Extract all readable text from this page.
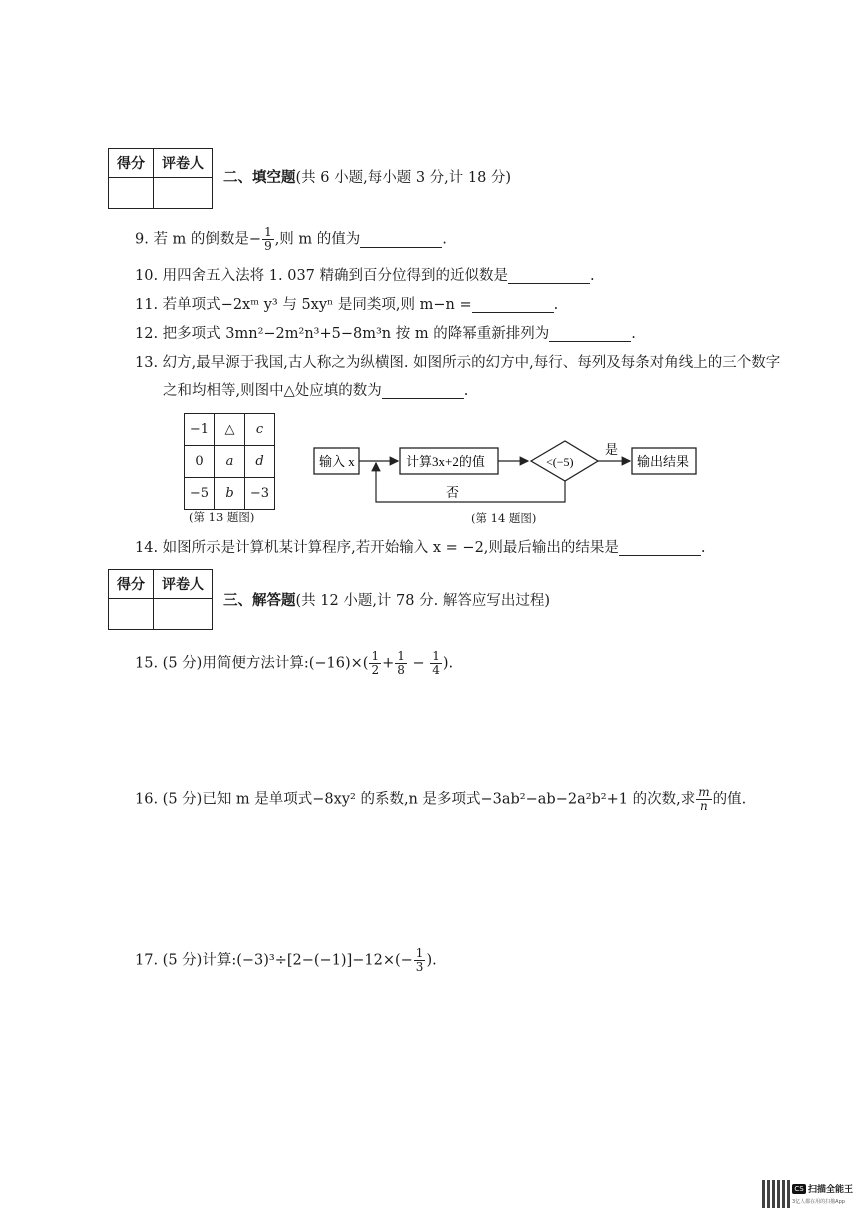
得分	评卷人

二、填空题(共 6 小题,每小题 3 分,计 18 分)
9. 若 m 的倒数是− $\frac{1}{9}$ ,则 m 的值为	.
10. 用四舍五入法将 1. 037 精确到百分位得到的近似数是	.
11. 若单项式−2xᵐ y³ 与 5xyⁿ 是同类项,则 m−n =	.
12. 把多项式 3mn²−2m²n³+5−8m³n 按 m 的降幂重新排列为	.
13. 幻方,最早源于我国,古人称之为纵横图. 如图所示的幻方中,每行、每列及每条对角线上的三个数字
之和均相等,则图中△处应填的数为	.
−1	△	c
0	a	d
−5	b	−3
(第 13 题图)
输入 x	计算3x+2的值	<(−5)
是
否
输出结果
(第 14 题图)
14. 如图所示是计算机某计算程序,若开始输入 x = −2,则最后输出的结果是	.
得分	评卷人

三、解答题(共 12 小题,计 78 分. 解答应写出过程)
15. (5 分)用简便方法计算:(−16)×( $\frac{1}{2} + \frac{1}{8} - \frac{1}{4}$ ).
16. (5 分)已知 m 是单项式−8xy² 的系数,n 是多项式−3ab²−ab−2a²b²+1 的次数,求 $\frac{m}{n}$ 的值.
17. (5 分)计算:(−3)³÷[2−(−1)]−12×(− $\frac{1}{3}$ ).
CS 扫描全能王
3亿人都在用的扫描App
